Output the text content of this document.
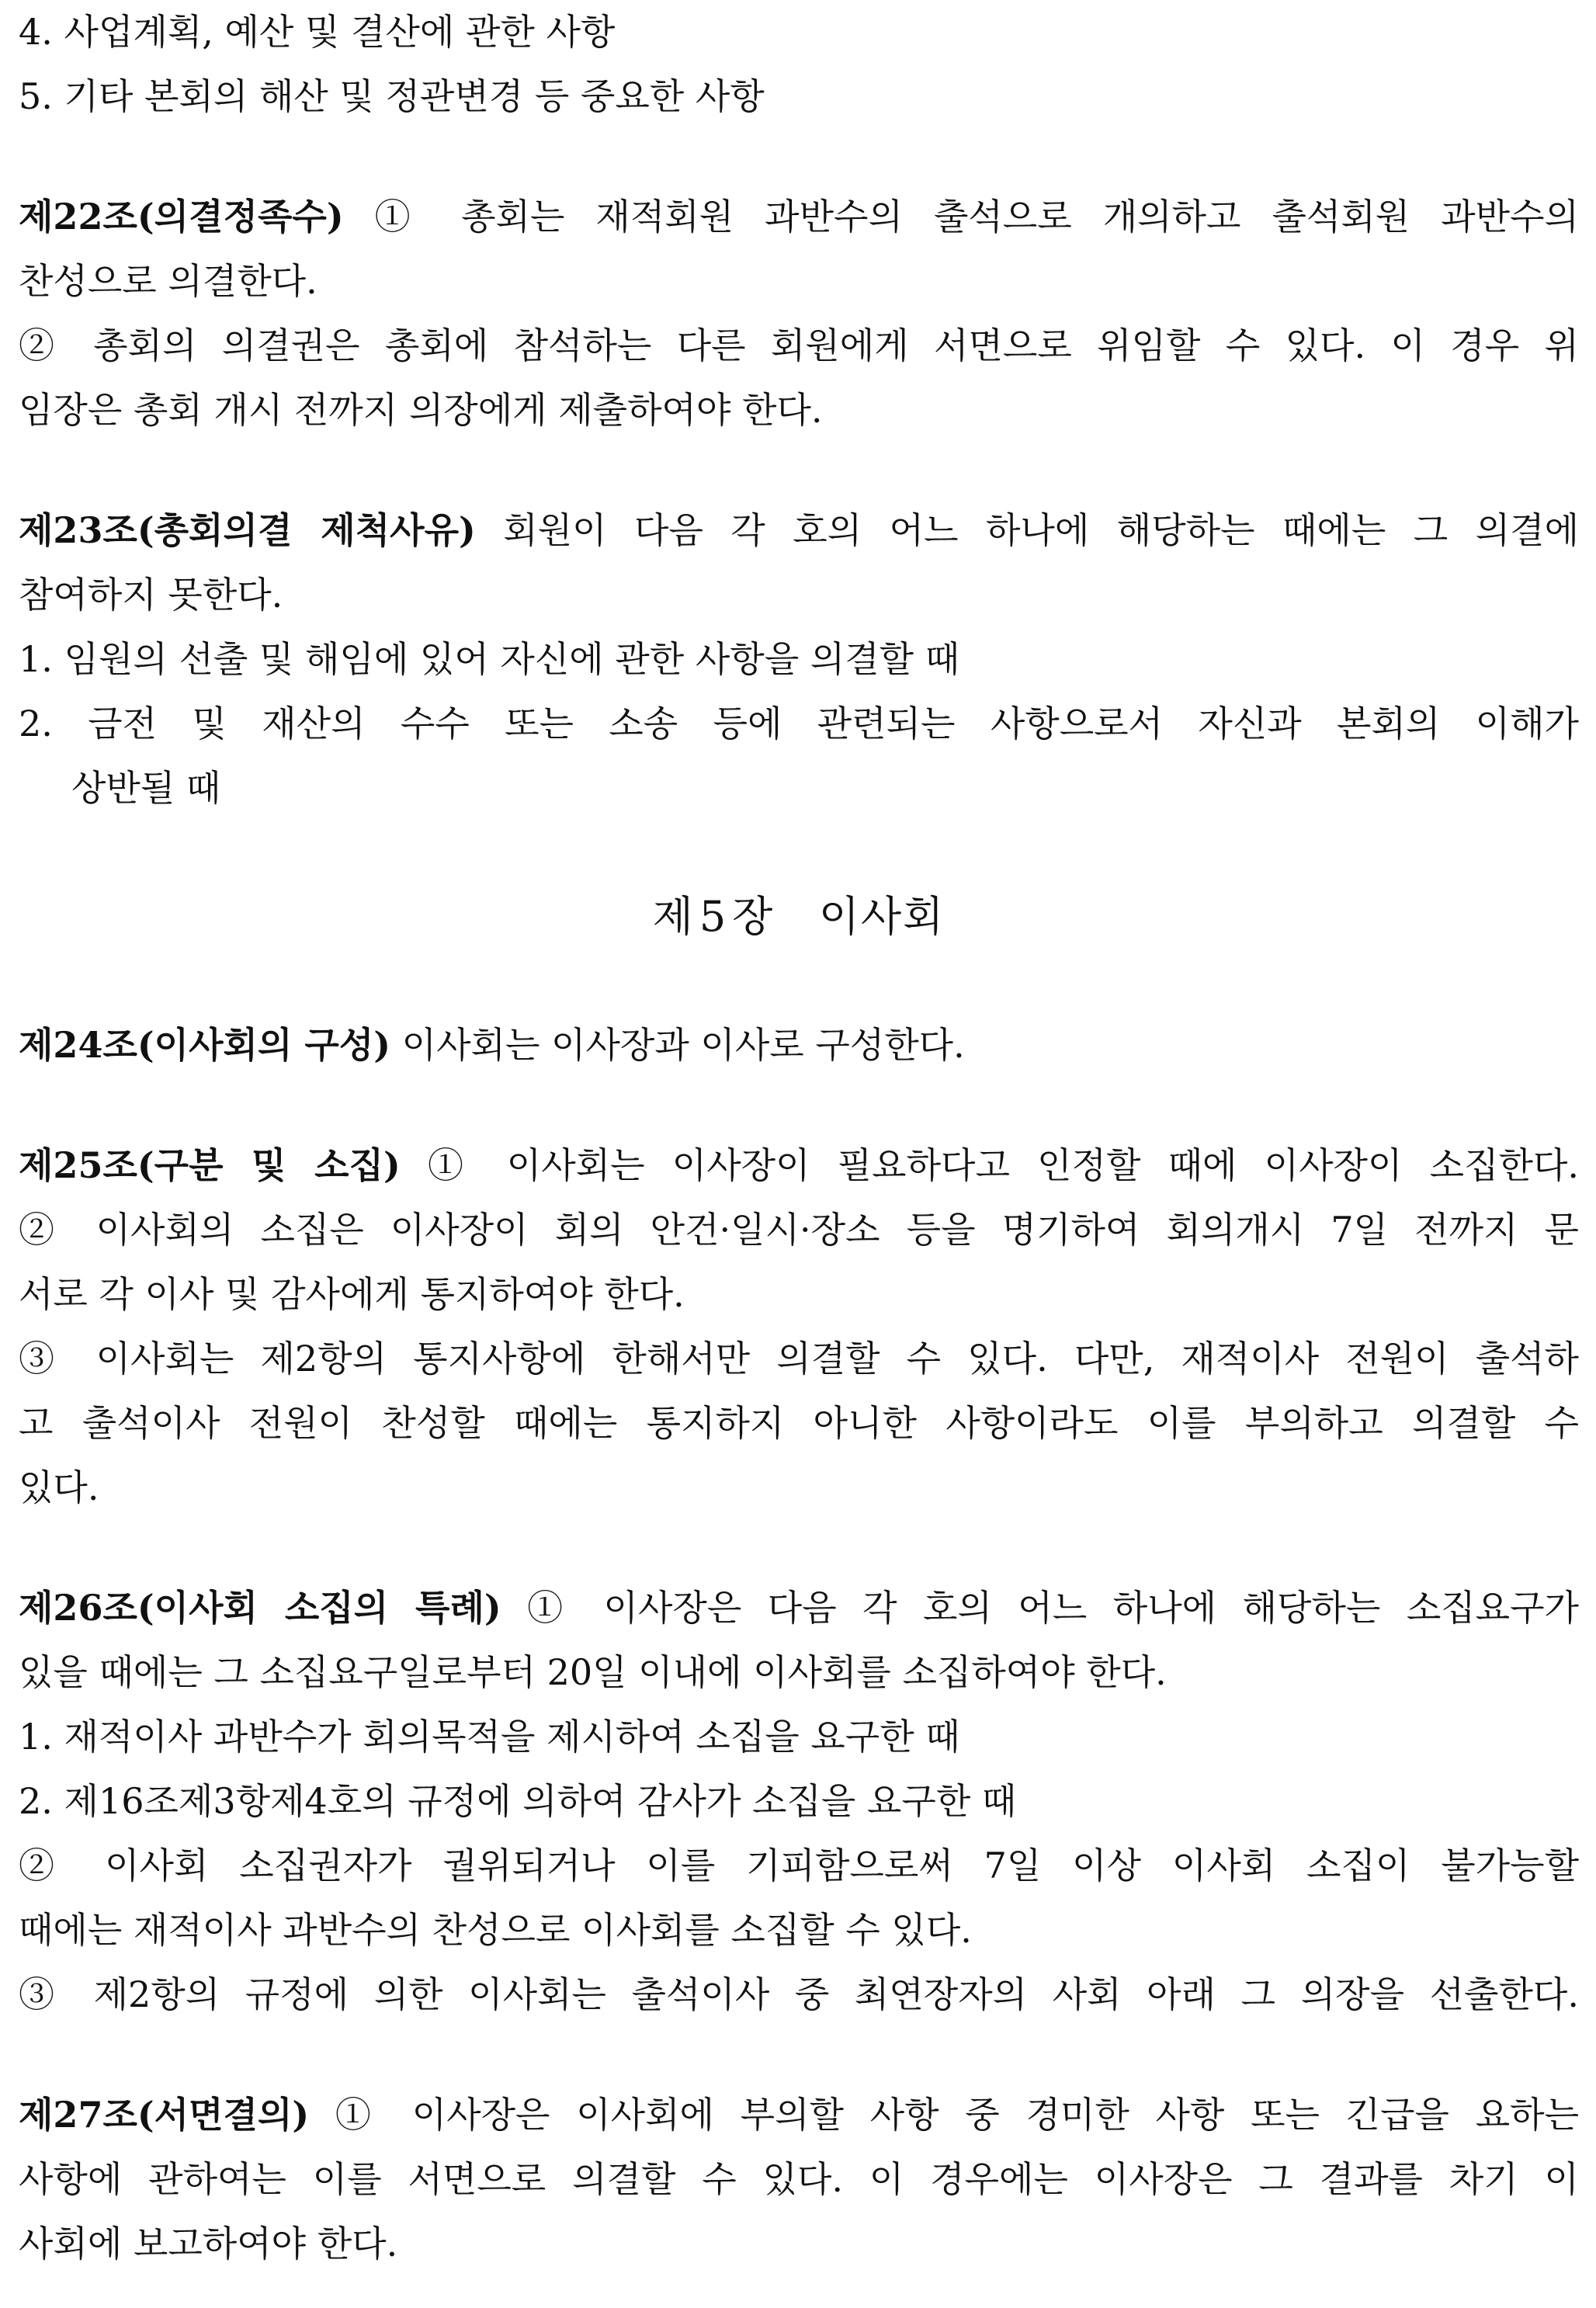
4. 사업계획, 예산 및 결산에 관한 사항
5. 기타 본회의 해산 및 정관변경 등 중요한 사항
제22조(의결정족수) ① 총회는 재적회원 과반수의 출석으로 개의하고 출석회원 과반수의
찬성으로 의결한다.
② 총회의 의결권은 총회에 참석하는 다른 회원에게 서면으로 위임할 수 있다. 이 경우 위
임장은 총회 개시 전까지 의장에게 제출하여야 한다.
제23조(총회의결 제척사유) 회원이 다음 각 호의 어느 하나에 해당하는 때에는 그 의결에
참여하지 못한다.
1. 임원의 선출 및 해임에 있어 자신에 관한 사항을 의결할 때
2. 금전 및 재산의 수수 또는 소송 등에 관련되는 사항으로서 자신과 본회의 이해가
상반될 때
제 5 장 이사회
제24조(이사회의 구성) 이사회는 이사장과 이사로 구성한다.
제25조(구분 및 소집) ① 이사회는 이사장이 필요하다고 인정할 때에 이사장이 소집한다.
② 이사회의 소집은 이사장이 회의 안건·일시·장소 등을 명기하여 회의개시 7일 전까지 문
서로 각 이사 및 감사에게 통지하여야 한다.
③ 이사회는 제2항의 통지사항에 한해서만 의결할 수 있다. 다만, 재적이사 전원이 출석하
고 출석이사 전원이 찬성할 때에는 통지하지 아니한 사항이라도 이를 부의하고 의결할 수
있다.
제26조(이사회 소집의 특례) ① 이사장은 다음 각 호의 어느 하나에 해당하는 소집요구가
있을 때에는 그 소집요구일로부터 20일 이내에 이사회를 소집하여야 한다.
1. 재적이사 과반수가 회의목적을 제시하여 소집을 요구한 때
2. 제16조제3항제4호의 규정에 의하여 감사가 소집을 요구한 때
② 이사회 소집권자가 궐위되거나 이를 기피함으로써 7일 이상 이사회 소집이 불가능할
때에는 재적이사 과반수의 찬성으로 이사회를 소집할 수 있다.
③ 제2항의 규정에 의한 이사회는 출석이사 중 최연장자의 사회 아래 그 의장을 선출한다.
제27조(서면결의) ① 이사장은 이사회에 부의할 사항 중 경미한 사항 또는 긴급을 요하는
사항에 관하여는 이를 서면으로 의결할 수 있다. 이 경우에는 이사장은 그 결과를 차기 이
사회에 보고하여야 한다.
